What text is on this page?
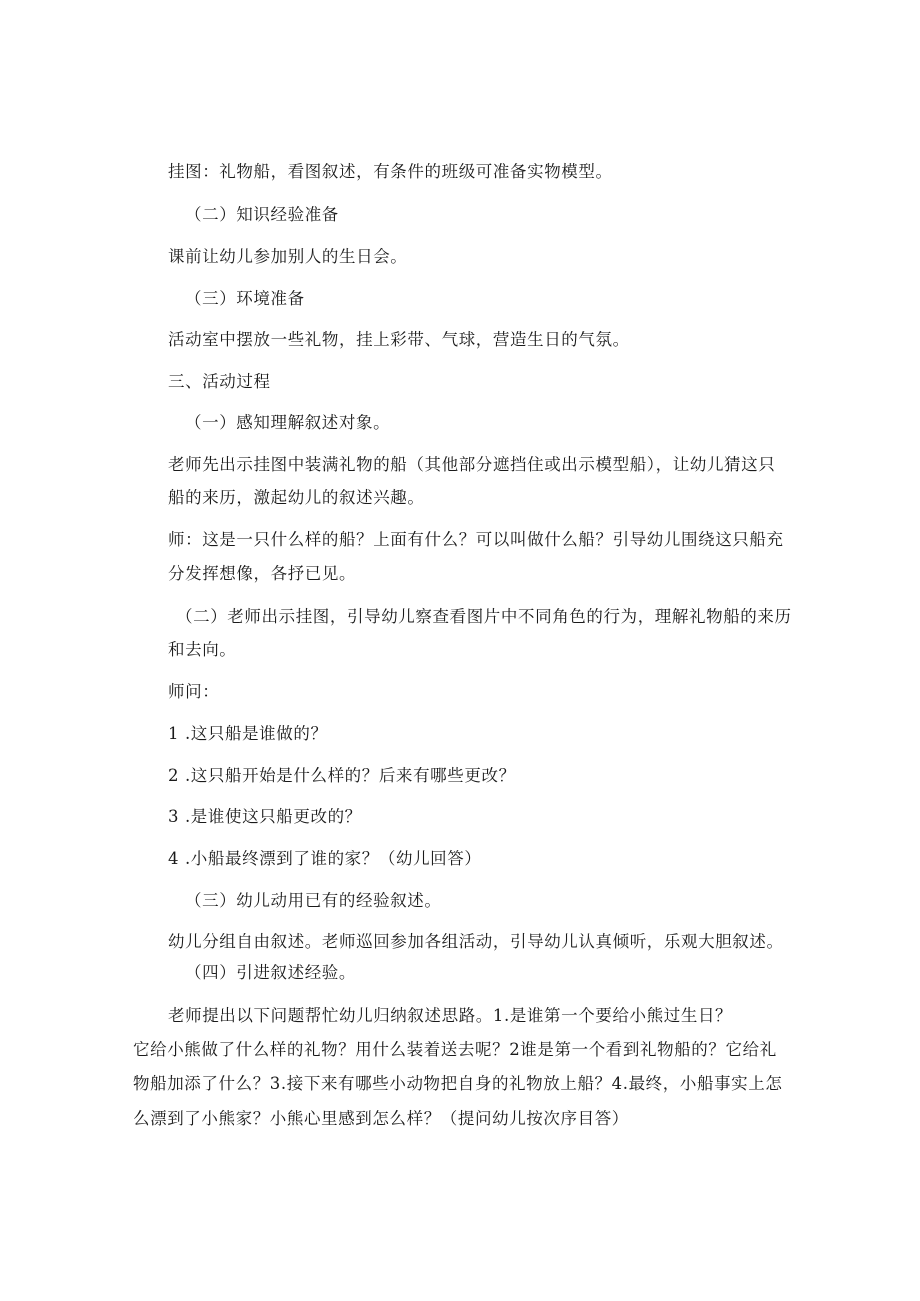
挂图：礼物船，看图叙述，有条件的班级可准备实物模型。
（二）知识经验准备
课前让幼儿参加别人的生日会。
（三）环境准备
活动室中摆放一些礼物，挂上彩带、气球，营造生日的气氛。
三、活动过程
（一）感知理解叙述对象。
老师先出示挂图中装满礼物的船（其他部分遮挡住或出示模型船），让幼儿猜这只
船的来历，激起幼儿的叙述兴趣。
师：这是一只什么样的船？上面有什么？可以叫做什么船？引导幼儿围绕这只船充
分发挥想像，各抒已见。
（二）老师出示挂图，引导幼儿察查看图片中不同角色的行为，理解礼物船的来历
和去向。
师问：
1 .这只船是谁做的？
2 .这只船开始是什么样的？后来有哪些更改？
3 .是谁使这只船更改的？
4 .小船最终漂到了谁的家？（幼儿回答）
（三）幼儿动用已有的经验叙述。
幼儿分组自由叙述。老师巡回参加各组活动，引导幼儿认真倾听，乐观大胆叙述。
（四）引进叙述经验。
老师提出以下问题帮忙幼儿归纳叙述思路。1.是谁第一个要给小熊过生日？
它给小熊做了什么样的礼物？用什么装着送去呢？2谁是第一个看到礼物船的？它给礼
物船加添了什么？3.接下来有哪些小动物把自身的礼物放上船？4.最终，小船事实上怎
么漂到了小熊家？小熊心里感到怎么样？（提问幼儿按次序目答）
